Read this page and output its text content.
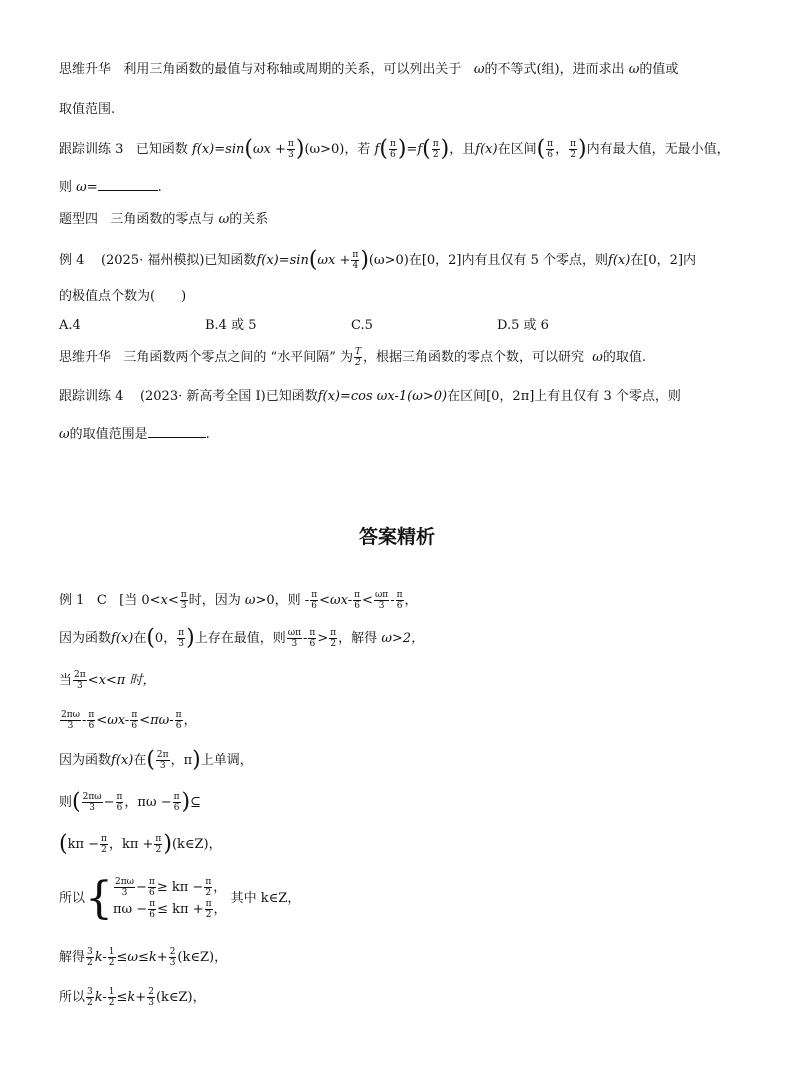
思维升华 利用三角函数的最值与对称轴或周期的关系，可以列出关于 ω的不等式(组)，进而求出 ω的值或
取值范围.
跟踪训练 3 已知函数 $f(x)=\sin(\omega x + \frac{\pi}{3} )(\omega>0)$，若 $f( \frac{\pi}{6} )=f( \frac{\pi}{2}$ )，且f(x)在区间( $\frac{\pi}{6}$ ， $\frac{\pi}{2}$ )内有最大值，无最小值，
则 ω=	.
题型四 三角函数的零点与 ω的关系
例 4 (2025· 福州模拟)已知函数$f(x)=\sin(\omega x + \frac{\pi}{4} )(\omega>0)$在[0，2]内有且仅有 5 个零点，则f(x)在[0，2]内
的极值点个数为(　　)
A.4	B.4 或 5	C.5	D.5 或 6
思维升华 三角函数两个零点之间的 “水平间隔” 为 $\frac{T}{2}$ ，根据三角函数的零点个数，可以研究 ω的取值.
跟踪训练 4 (2023· 新高考全国 Ⅰ)已知函数f(x)=cos ωx-1(ω>0)在区间[0，2π]上有且仅有 3 个零点，则
ω的取值范围是	.
答案精析
例 1 C [当 $0<x< \frac{\pi}{3}$ 时，因为 ω>0，则 - $\frac{\pi}{6} <\omega x- \frac{\pi}{6} < \frac{\omega\pi}{3} - \frac{\pi}{6}$ ，
因为函数f(x)在(0， $\frac{\pi}{3}$ )上存在最值，则 $\frac{\omega\pi}{3} - \frac{\pi}{6} > \frac{\pi}{2}$ ，解得 ω>2，
当 $\frac{2\pi}{3} <x<\pi$ 时，
$\frac{2\pi\omega}{3} - \frac{\pi}{6} <\omega x- \frac{\pi}{6} <\pi\omega- \frac{\pi}{6}$ ，
因为函数f(x)在( $\frac{2\pi}{3}$ ，π)上单调，
则( $\frac{2\pi\omega}{3} - \frac{\pi}{6}$ ，$\pi\omega - \frac{\pi}{6}$ )⊆
($k\pi - \frac{\pi}{2}$ ，$k\pi + \frac{\pi}{2}$ )(k∈Z)，
所以{ $\frac{2\pi\omega}{3} - \frac{\pi}{6} \ge k\pi - \frac{\pi}{2}$ ，
$\pi\omega - \frac{\pi}{6} \le k\pi + \frac{\pi}{2}$ ，
其中 k∈Z，
解得 $\frac{3}{2} k- \frac{1}{2} \le\omega\le k+ \frac{2}{3}$ (k∈Z)，
所以 $\frac{3}{2} k- \frac{1}{2} \le k+ \frac{2}{3}$ (k∈Z)，
